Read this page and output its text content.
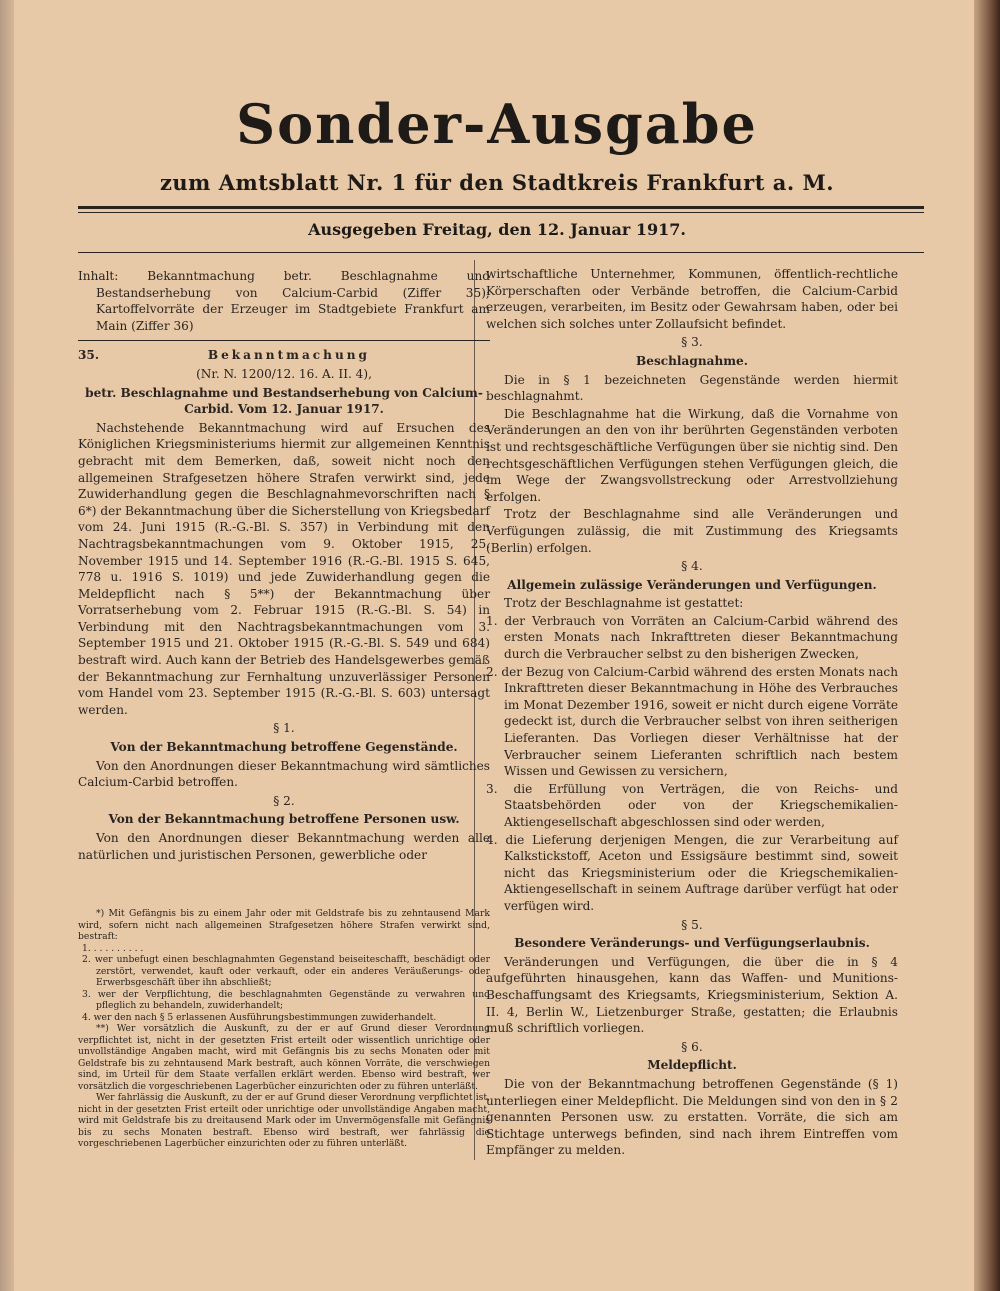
Sonder-Ausgabe
zum Amtsblatt Nr. 1 für den Stadtkreis Frankfurt a. M.
Ausgegeben Freitag, den 12. Januar 1917.

Inhalt: Bekanntmachung betr. Beschlagnahme und Bestandserhebung von Calcium-Carbid (Ziffer 35); Kartoffelvorräte der Erzeuger im Stadtgebiete Frankfurt am Main (Ziffer 36)

35.	Bekanntmachung

(Nr. N. 1200/12. 16. A. II. 4),

betr. Beschlagnahme und Bestandserhebung von Calcium-Carbid. Vom 12. Januar 1917.

Nachstehende Bekanntmachung wird auf Ersuchen des Königlichen Kriegsministeriums hiermit zur allgemeinen Kenntnis gebracht mit dem Bemerken, daß, soweit nicht noch den allgemeinen Strafgesetzen höhere Strafen verwirkt sind, jede Zuwiderhandlung gegen die Beschlagnahmevorschriften nach § 6*) der Bekanntmachung über die Sicherstellung von Kriegsbedarf vom 24. Juni 1915 (R.-G.-Bl. S. 357) in Verbindung mit den Nachtragsbekanntmachungen vom 9. Oktober 1915, 25. November 1915 und 14. September 1916 (R.-G.-Bl. 1915 S. 645, 778 u. 1916 S. 1019) und jede Zuwiderhandlung gegen die Meldepflicht nach § 5**) der Bekanntmachung über Vorratserhebung vom 2. Februar 1915 (R.-G.-Bl. S. 54) in Verbindung mit den Nachtragsbekanntmachungen vom 3. September 1915 und 21. Oktober 1915 (R.-G.-Bl. S. 549 und 684) bestraft wird. Auch kann der Betrieb des Handelsgewerbes gemäß der Bekanntmachung zur Fernhaltung unzuverlässiger Personen vom Handel vom 23. September 1915 (R.-G.-Bl. S. 603) untersagt werden.

§ 1.

Von der Bekanntmachung betroffene Gegenstände.

Von den Anordnungen dieser Bekanntmachung wird sämtliches Calcium-Carbid betroffen.

§ 2.

Von der Bekanntmachung betroffene Personen usw.

Von den Anordnungen dieser Bekanntmachung werden alle natürlichen und juristischen Personen, gewerbliche oder

*) Mit Gefängnis bis zu einem Jahr oder mit Geldstrafe bis zu zehntausend Mark wird, sofern nicht nach allgemeinen Strafgesetzen höhere Strafen verwirkt sind, bestraft:

1. . . . . . . . . .

2. wer unbefugt einen beschlagnahmten Gegenstand beiseiteschafft, beschädigt oder zerstört, verwendet, kauft oder verkauft, oder ein anderes Veräußerungs- oder Erwerbsgeschäft über ihn abschließt;

3. wer der Verpflichtung, die beschlagnahmten Gegenstände zu verwahren und pfleglich zu behandeln, zuwiderhandelt;

4. wer den nach § 5 erlassenen Ausführungsbestimmungen zuwiderhandelt.

**) Wer vorsätzlich die Auskunft, zu der er auf Grund dieser Verordnung verpflichtet ist, nicht in der gesetzten Frist erteilt oder wissentlich unrichtige oder unvollständige Angaben macht, wird mit Gefängnis bis zu sechs Monaten oder mit Geldstrafe bis zu zehntausend Mark bestraft, auch können Vorräte, die verschwiegen sind, im Urteil für dem Staate verfallen erklärt werden. Ebenso wird bestraft, wer vorsätzlich die vorgeschriebenen Lagerbücher einzurichten oder zu führen unterläßt.

Wer fahrlässig die Auskunft, zu der er auf Grund dieser Verordnung verpflichtet ist, nicht in der gesetzten Frist erteilt oder unrichtige oder unvollständige Angaben macht, wird mit Geldstrafe bis zu dreitausend Mark oder im Unvermögensfalle mit Gefängnis bis zu sechs Monaten bestraft. Ebenso wird bestraft, wer fahrlässig die vorgeschriebenen Lagerbücher einzurichten oder zu führen unterläßt.

wirtschaftliche Unternehmer, Kommunen, öffentlich-rechtliche Körperschaften oder Verbände betroffen, die Calcium-Carbid erzeugen, verarbeiten, im Besitz oder Gewahrsam haben, oder bei welchen sich solches unter Zollaufsicht befindet.

§ 3.

Beschlagnahme.

Die in § 1 bezeichneten Gegenstände werden hiermit beschlagnahmt.

Die Beschlagnahme hat die Wirkung, daß die Vornahme von Veränderungen an den von ihr berührten Gegenständen verboten ist und rechtsgeschäftliche Verfügungen über sie nichtig sind. Den rechtsgeschäftlichen Verfügungen stehen Verfügungen gleich, die im Wege der Zwangsvollstreckung oder Arrestvollziehung erfolgen.

Trotz der Beschlagnahme sind alle Veränderungen und Verfügungen zulässig, die mit Zustimmung des Kriegsamts (Berlin) erfolgen.

§ 4.

Allgemein zulässige Veränderungen und Verfügungen.

Trotz der Beschlagnahme ist gestattet:

1. der Verbrauch von Vorräten an Calcium-Carbid während des ersten Monats nach Inkrafttreten dieser Bekanntmachung durch die Verbraucher selbst zu den bisherigen Zwecken,

2. der Bezug von Calcium-Carbid während des ersten Monats nach Inkrafttreten dieser Bekanntmachung in Höhe des Verbrauches im Monat Dezember 1916, soweit er nicht durch eigene Vorräte gedeckt ist, durch die Verbraucher selbst von ihren seitherigen Lieferanten. Das Vorliegen dieser Verhältnisse hat der Verbraucher seinem Lieferanten schriftlich nach bestem Wissen und Gewissen zu versichern,

3. die Erfüllung von Verträgen, die von Reichs- und Staatsbehörden oder von der Kriegschemikalien-Aktiengesellschaft abgeschlossen sind oder werden,

4. die Lieferung derjenigen Mengen, die zur Verarbeitung auf Kalkstickstoff, Aceton und Essigsäure bestimmt sind, soweit nicht das Kriegsministerium oder die Kriegschemikalien-Aktiengesellschaft in seinem Auftrage darüber verfügt hat oder verfügen wird.

§ 5.

Besondere Veränderungs- und Verfügungserlaubnis.

Veränderungen und Verfügungen, die über die in § 4 aufgeführten hinausgehen, kann das Waffen- und Munitions-Beschaffungsamt des Kriegsamts, Kriegsministerium, Sektion A. II. 4, Berlin W., Lietzenburger Straße, gestatten; die Erlaubnis muß schriftlich vorliegen.

§ 6.

Meldepflicht.

Die von der Bekanntmachung betroffenen Gegenstände (§ 1) unterliegen einer Meldepflicht. Die Meldungen sind von den in § 2 genannten Personen usw. zu erstatten. Vorräte, die sich am Stichtage unterwegs befinden, sind nach ihrem Eintreffen vom Empfänger zu melden.
